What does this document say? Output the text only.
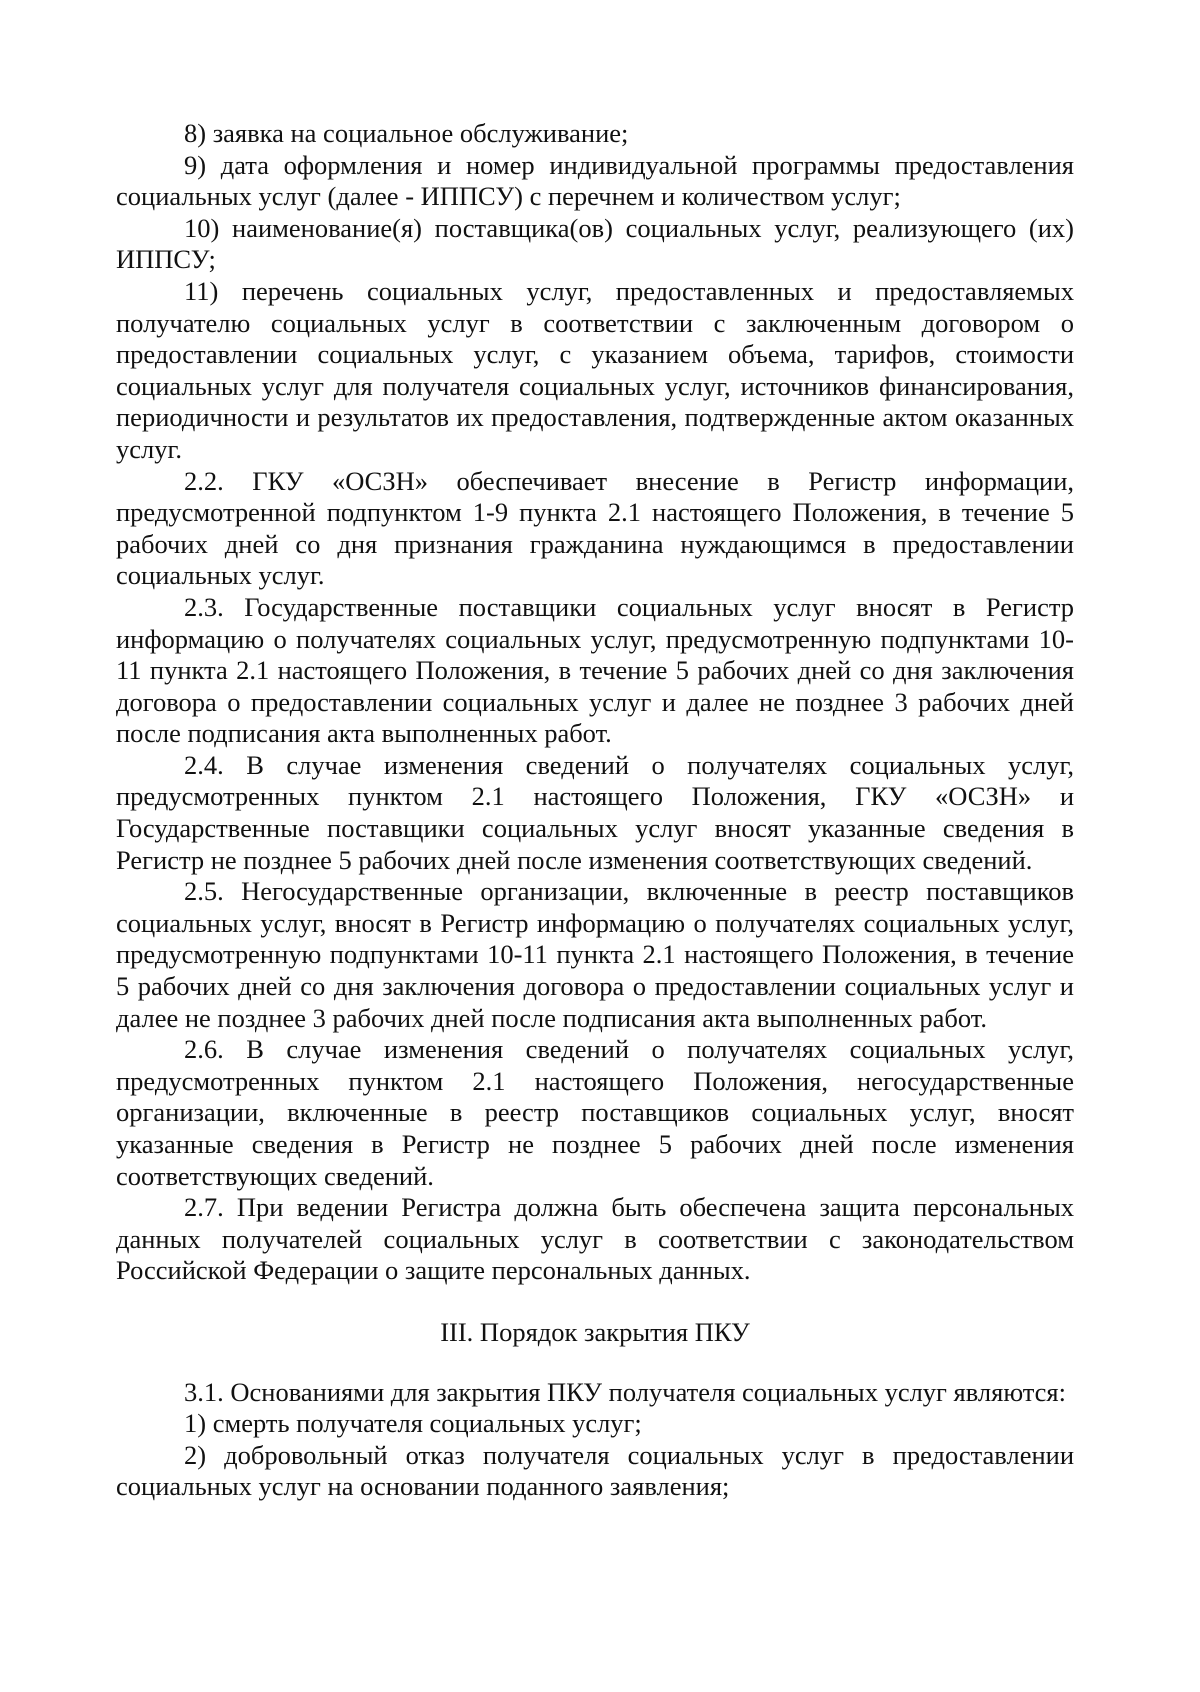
8) заявка на социальное обслуживание;

9) дата оформления и номер индивидуальной программы предоставления социальных услуг (далее - ИППСУ) с перечнем и количеством услуг;

10) наименование(я) поставщика(ов) социальных услуг, реализующего (их) ИППСУ;

11) перечень социальных услуг, предоставленных и предоставляемых получателю социальных услуг в соответствии с заключенным договором о предоставлении социальных услуг, с указанием объема, тарифов, стоимости социальных услуг для получателя социальных услуг, источников финансирования, периодичности и результатов их предоставления, подтвержденные актом оказанных услуг.

2.2. ГКУ «ОСЗН» обеспечивает внесение в Регистр информации, предусмотренной подпунктом 1-9 пункта 2.1 настоящего Положения, в течение 5 рабочих дней со дня признания гражданина нуждающимся в предоставлении социальных услуг.

2.3. Государственные поставщики социальных услуг вносят в Регистр информацию о получателях социальных услуг, предусмотренную подпунктами 10-11 пункта 2.1 настоящего Положения, в течение 5 рабочих дней со дня заключения договора о предоставлении социальных услуг и далее не позднее 3 рабочих дней после подписания акта выполненных работ.

2.4. В случае изменения сведений о получателях социальных услуг, предусмотренных пунктом 2.1 настоящего Положения, ГКУ «ОСЗН» и Государственные поставщики социальных услуг вносят указанные сведения в Регистр не позднее 5 рабочих дней после изменения соответствующих сведений.

2.5. Негосударственные организации, включенные в реестр поставщиков социальных услуг, вносят в Регистр информацию о получателях социальных услуг, предусмотренную подпунктами 10-11 пункта 2.1 настоящего Положения, в течение 5 рабочих дней со дня заключения договора о предоставлении социальных услуг и далее не позднее 3 рабочих дней после подписания акта выполненных работ.

2.6. В случае изменения сведений о получателях социальных услуг, предусмотренных пунктом 2.1 настоящего Положения, негосударственные организации, включенные в реестр поставщиков социальных услуг, вносят указанные сведения в Регистр не позднее 5 рабочих дней после изменения соответствующих сведений.

2.7. При ведении Регистра должна быть обеспечена защита персональных данных получателей социальных услуг в соответствии с законодательством Российской Федерации о защите персональных данных.

III. Порядок закрытия ПКУ

3.1. Основаниями для закрытия ПКУ получателя социальных услуг являются:

1) смерть получателя социальных услуг;

2) добровольный отказ получателя социальных услуг в предоставлении социальных услуг на основании поданного заявления;
